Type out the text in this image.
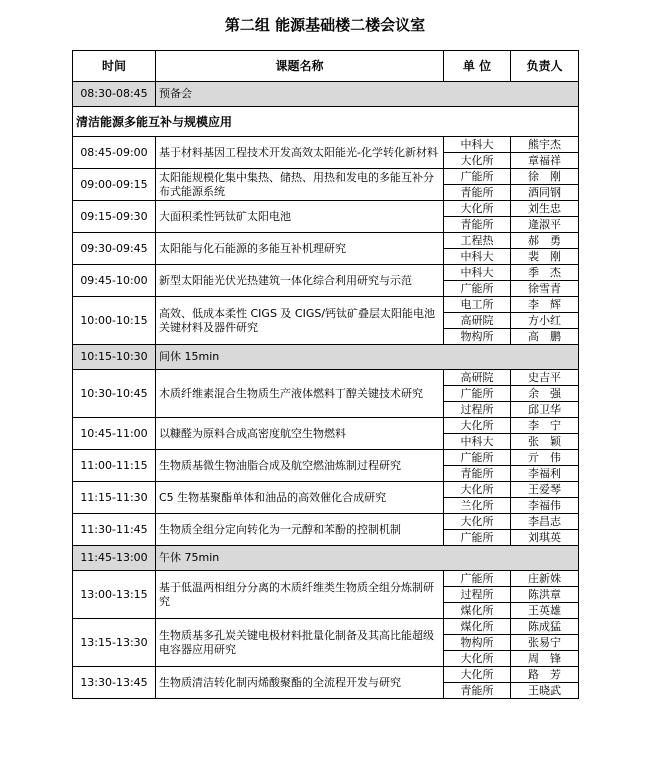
第二组 能源基础楼二楼会议室
时间	课题名称	单 位	负责人
08:30-08:45	预备会		
清洁能源多能互补与规模应用			
08:45-09:00	基于材料基因工程技术开发高效太阳能光-化学转化新材料	中科大	熊宇杰
		大化所	章福祥
09:00-09:15	太阳能规模化集中集热、储热、用热和发电的多能互补分布式能源系统	广能所	徐　刚
		青能所	酒同钢
09:15-09:30	大面积柔性钙钛矿太阳电池	大化所	刘生忠
		青能所	逄淑平
09:30-09:45	太阳能与化石能源的多能互补机理研究	工程热	郝　勇
		中科大	裴　刚
09:45-10:00	新型太阳能光伏光热建筑一体化综合利用研究与示范	中科大	季　杰
		广能所	徐雪青
10:00-10:15	高效、低成本柔性 CIGS 及 CIGS/钙钛矿叠层太阳能电池关键材料及器件研究	电工所	李　辉
		高研院	方小红
		物构所	高　鹏
10:15-10:30	间休 15min		
10:30-10:45	木质纤维素混合生物质生产液体燃料丁醇关键技术研究	高研院	史吉平
		广能所	余　强
		过程所	邱卫华
10:45-11:00	以糠醛为原料合成高密度航空生物燃料	大化所	李　宁
		中科大	张　颖
11:00-11:15	生物质基微生物油脂合成及航空燃油炼制过程研究	广能所	亓　伟
		青能所	李福利
11:15-11:30	C5 生物基聚酯单体和油品的高效催化合成研究	大化所	王爱琴
		兰化所	李福伟
11:30-11:45	生物质全组分定向转化为一元醇和苯酚的控制机制	大化所	李昌志
		广能所	刘琪英
11:45-13:00	午休 75min		
13:00-13:15	基于低温两相组分分离的木质纤维类生物质全组分炼制研究	广能所	庄新姝
		过程所	陈洪章
		煤化所	王英雄
13:15-13:30	生物质基多孔炭关键电极材料批量化制备及其高比能超级电容器应用研究	煤化所	陈成猛
		物构所	张易宁
		大化所	周　锋
13:30-13:45	生物质清洁转化制丙烯酸聚酯的全流程开发与研究	大化所	路　芳
		青能所	王晓武
